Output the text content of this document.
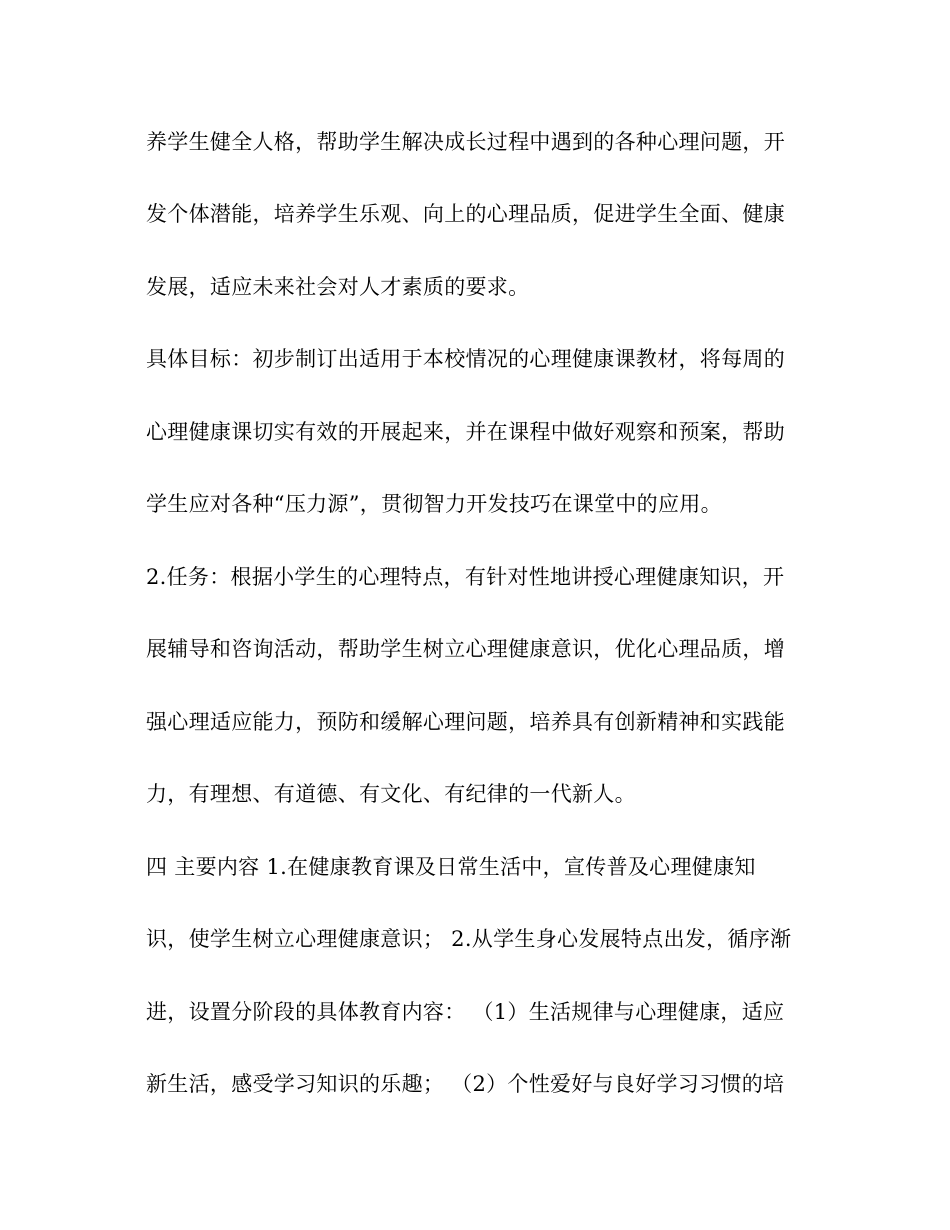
养学生健全人格，帮助学生解决成长过程中遇到的各种心理问题，开
发个体潜能，培养学生乐观、向上的心理品质，促进学生全面、健康
发展，适应未来社会对人才素质的要求。
具体目标：初步制订出适用于本校情况的心理健康课教材，将每周的
心理健康课切实有效的开展起来，并在课程中做好观察和预案，帮助
学生应对各种“压力源”，贯彻智力开发技巧在课堂中的应用。
2.任务：根据小学生的心理特点，有针对性地讲授心理健康知识，开
展辅导和咨询活动，帮助学生树立心理健康意识，优化心理品质，增
强心理适应能力，预防和缓解心理问题，培养具有创新精神和实践能
力，有理想、有道德、有文化、有纪律的一代新人。
四 主要内容 1.在健康教育课及日常生活中，宣传普及心理健康知
识，使学生树立心理健康意识； 2.从学生身心发展特点出发，循序渐
进，设置分阶段的具体教育内容： （1）生活规律与心理健康，适应
新生活，感受学习知识的乐趣； （2）个性爱好与良好学习习惯的培
